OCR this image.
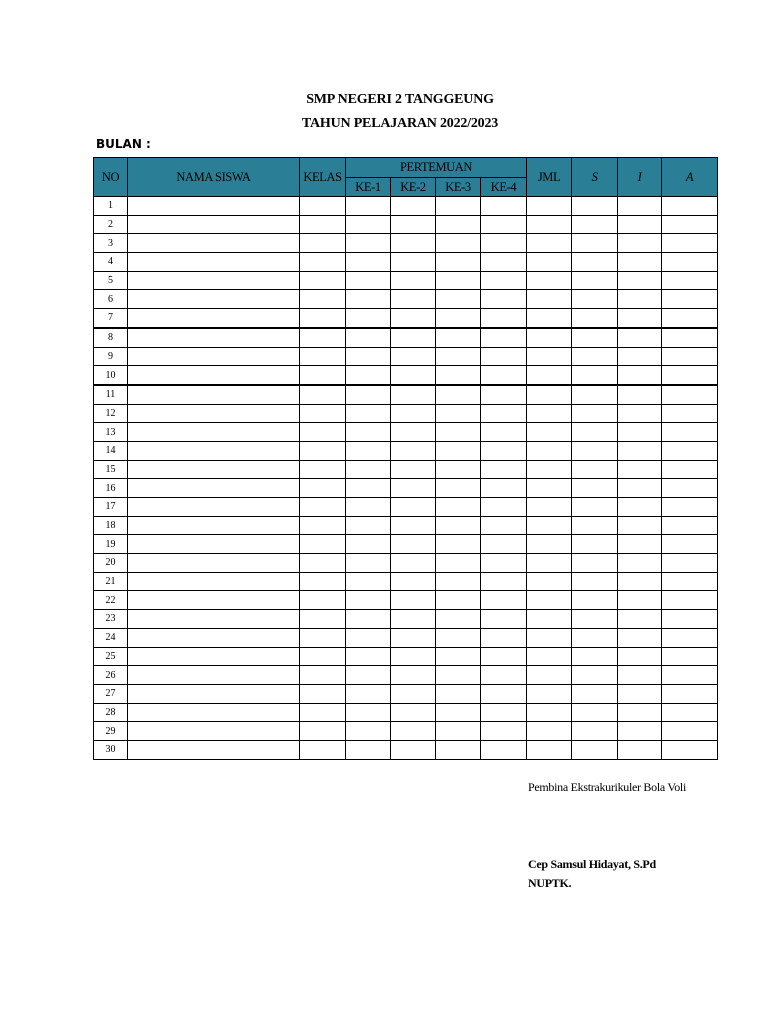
SMP NEGERI 2 TANGGEUNG
TAHUN PELAJARAN 2022/2023
BULAN :
NO	NAMA SISWA	KELAS	PERTEMUAN				JML	S	I	A
			KE-1	KE-2	KE-3	KE-4				
1										
2										
3										
4										
5										
6										
7										
8										
9										
10										
11										
12										
13										
14										
15										
16										
17										
18										
19										
20										
21										
22										
23										
24										
25										
26										
27										
28										
29										
30										
Pembina Ekstrakurikuler Bola Voli
Cep Samsul Hidayat, S.Pd
NUPTK.
